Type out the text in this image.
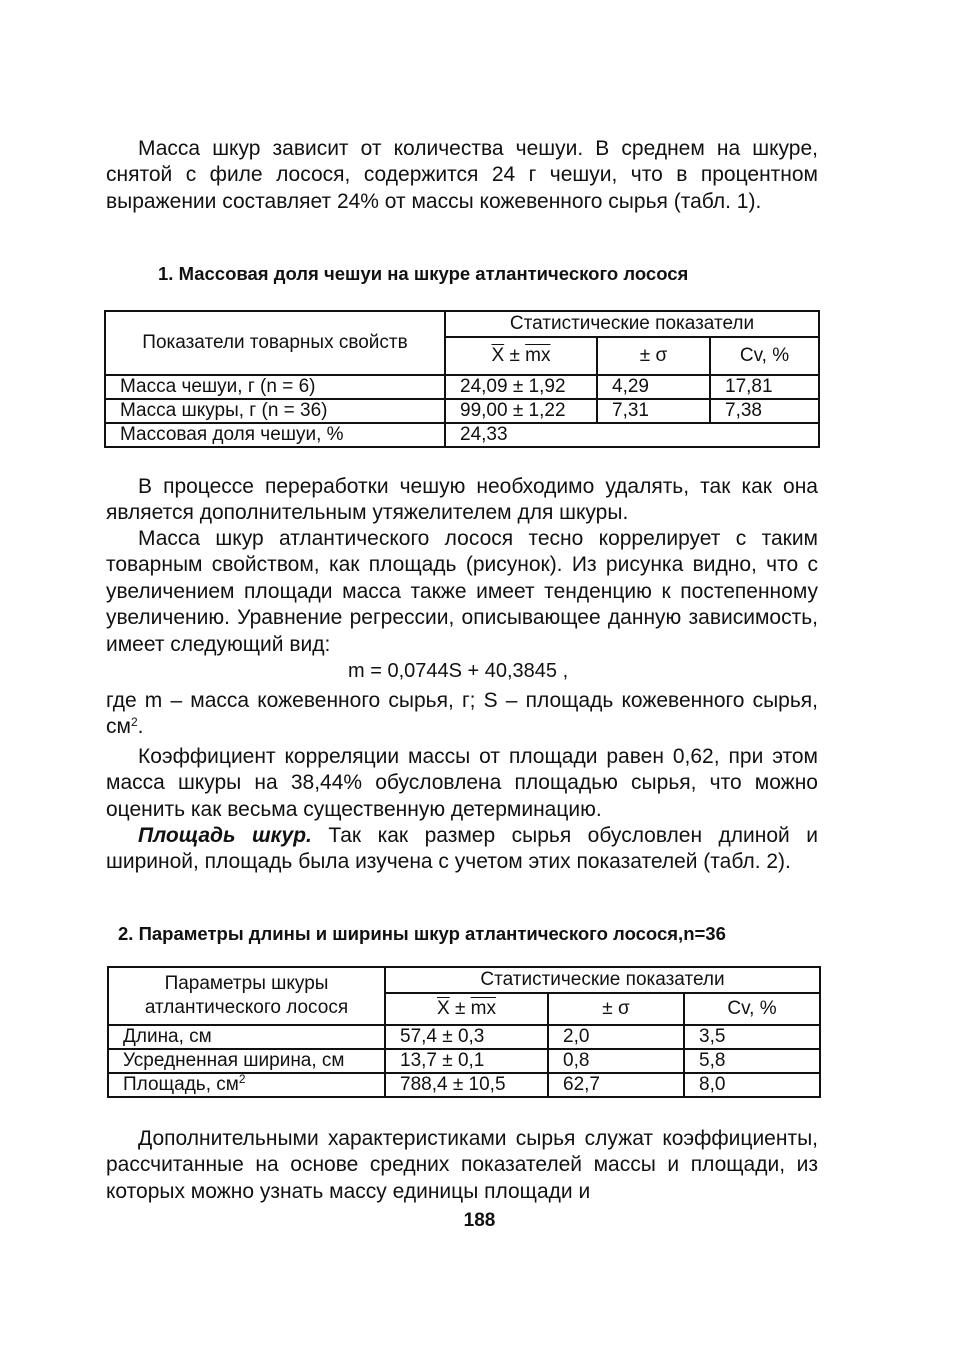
Масса шкур зависит от количества чешуи. В среднем на шкуре, снятой с филе лосося, содержится 24 г чешуи, что в процентном выражении составляет 24% от массы кожевенного сырья (табл. 1).

1. Массовая доля чешуи на шкуре атлантического лосося

Показатели товарных свойств	Статистические показатели		
	$\overline{X} \pm \overline{mx}$	± σ	Cv, %
Масса чешуи, г (n = 6)	24,09 ± 1,92	4,29	17,81
Масса шкуры, г (n = 36)	99,00 ± 1,22	7,31	7,38
Массовая доля чешуи, %	24,33		

В процессе переработки чешую необходимо удалять, так как она является дополнительным утяжелителем для шкуры.

Масса шкур атлантического лосося тесно коррелирует с таким товарным свойством, как площадь (рисунок). Из рисунка видно, что с увеличением площади масса также имеет тенденцию к постепенному увеличению. Уравнение регрессии, описывающее данную зависимость, имеет следующий вид:

m = 0,0744S + 40,3845 ,

где m – масса кожевенного сырья, г; S – площадь кожевенного сырья, $см^2$.

Коэффициент корреляции массы от площади равен 0,62, при этом масса шкуры на 38,44% обусловлена площадью сырья, что можно оценить как весьма существенную детерминацию.

Площадь шкур. Так как размер сырья обусловлен длиной и шириной, площадь была изучена с учетом этих показателей (табл. 2).

2. Параметры длины и ширины шкур атлантического лосося,n=36

Параметры шкуры атлантического лосося	Статистические показатели		
	$\overline{X} \pm \overline{mx}$	± σ	Cv, %
Длина, см	57,4 ± 0,3	2,0	3,5
Усредненная ширина, см	13,7 ± 0,1	0,8	5,8
Площадь, $см^2$	788,4 ± 10,5	62,7	8,0

Дополнительными характеристиками сырья служат коэффициенты, рассчитанные на основе средних показателей массы и площади, из которых можно узнать массу единицы площади и

188
